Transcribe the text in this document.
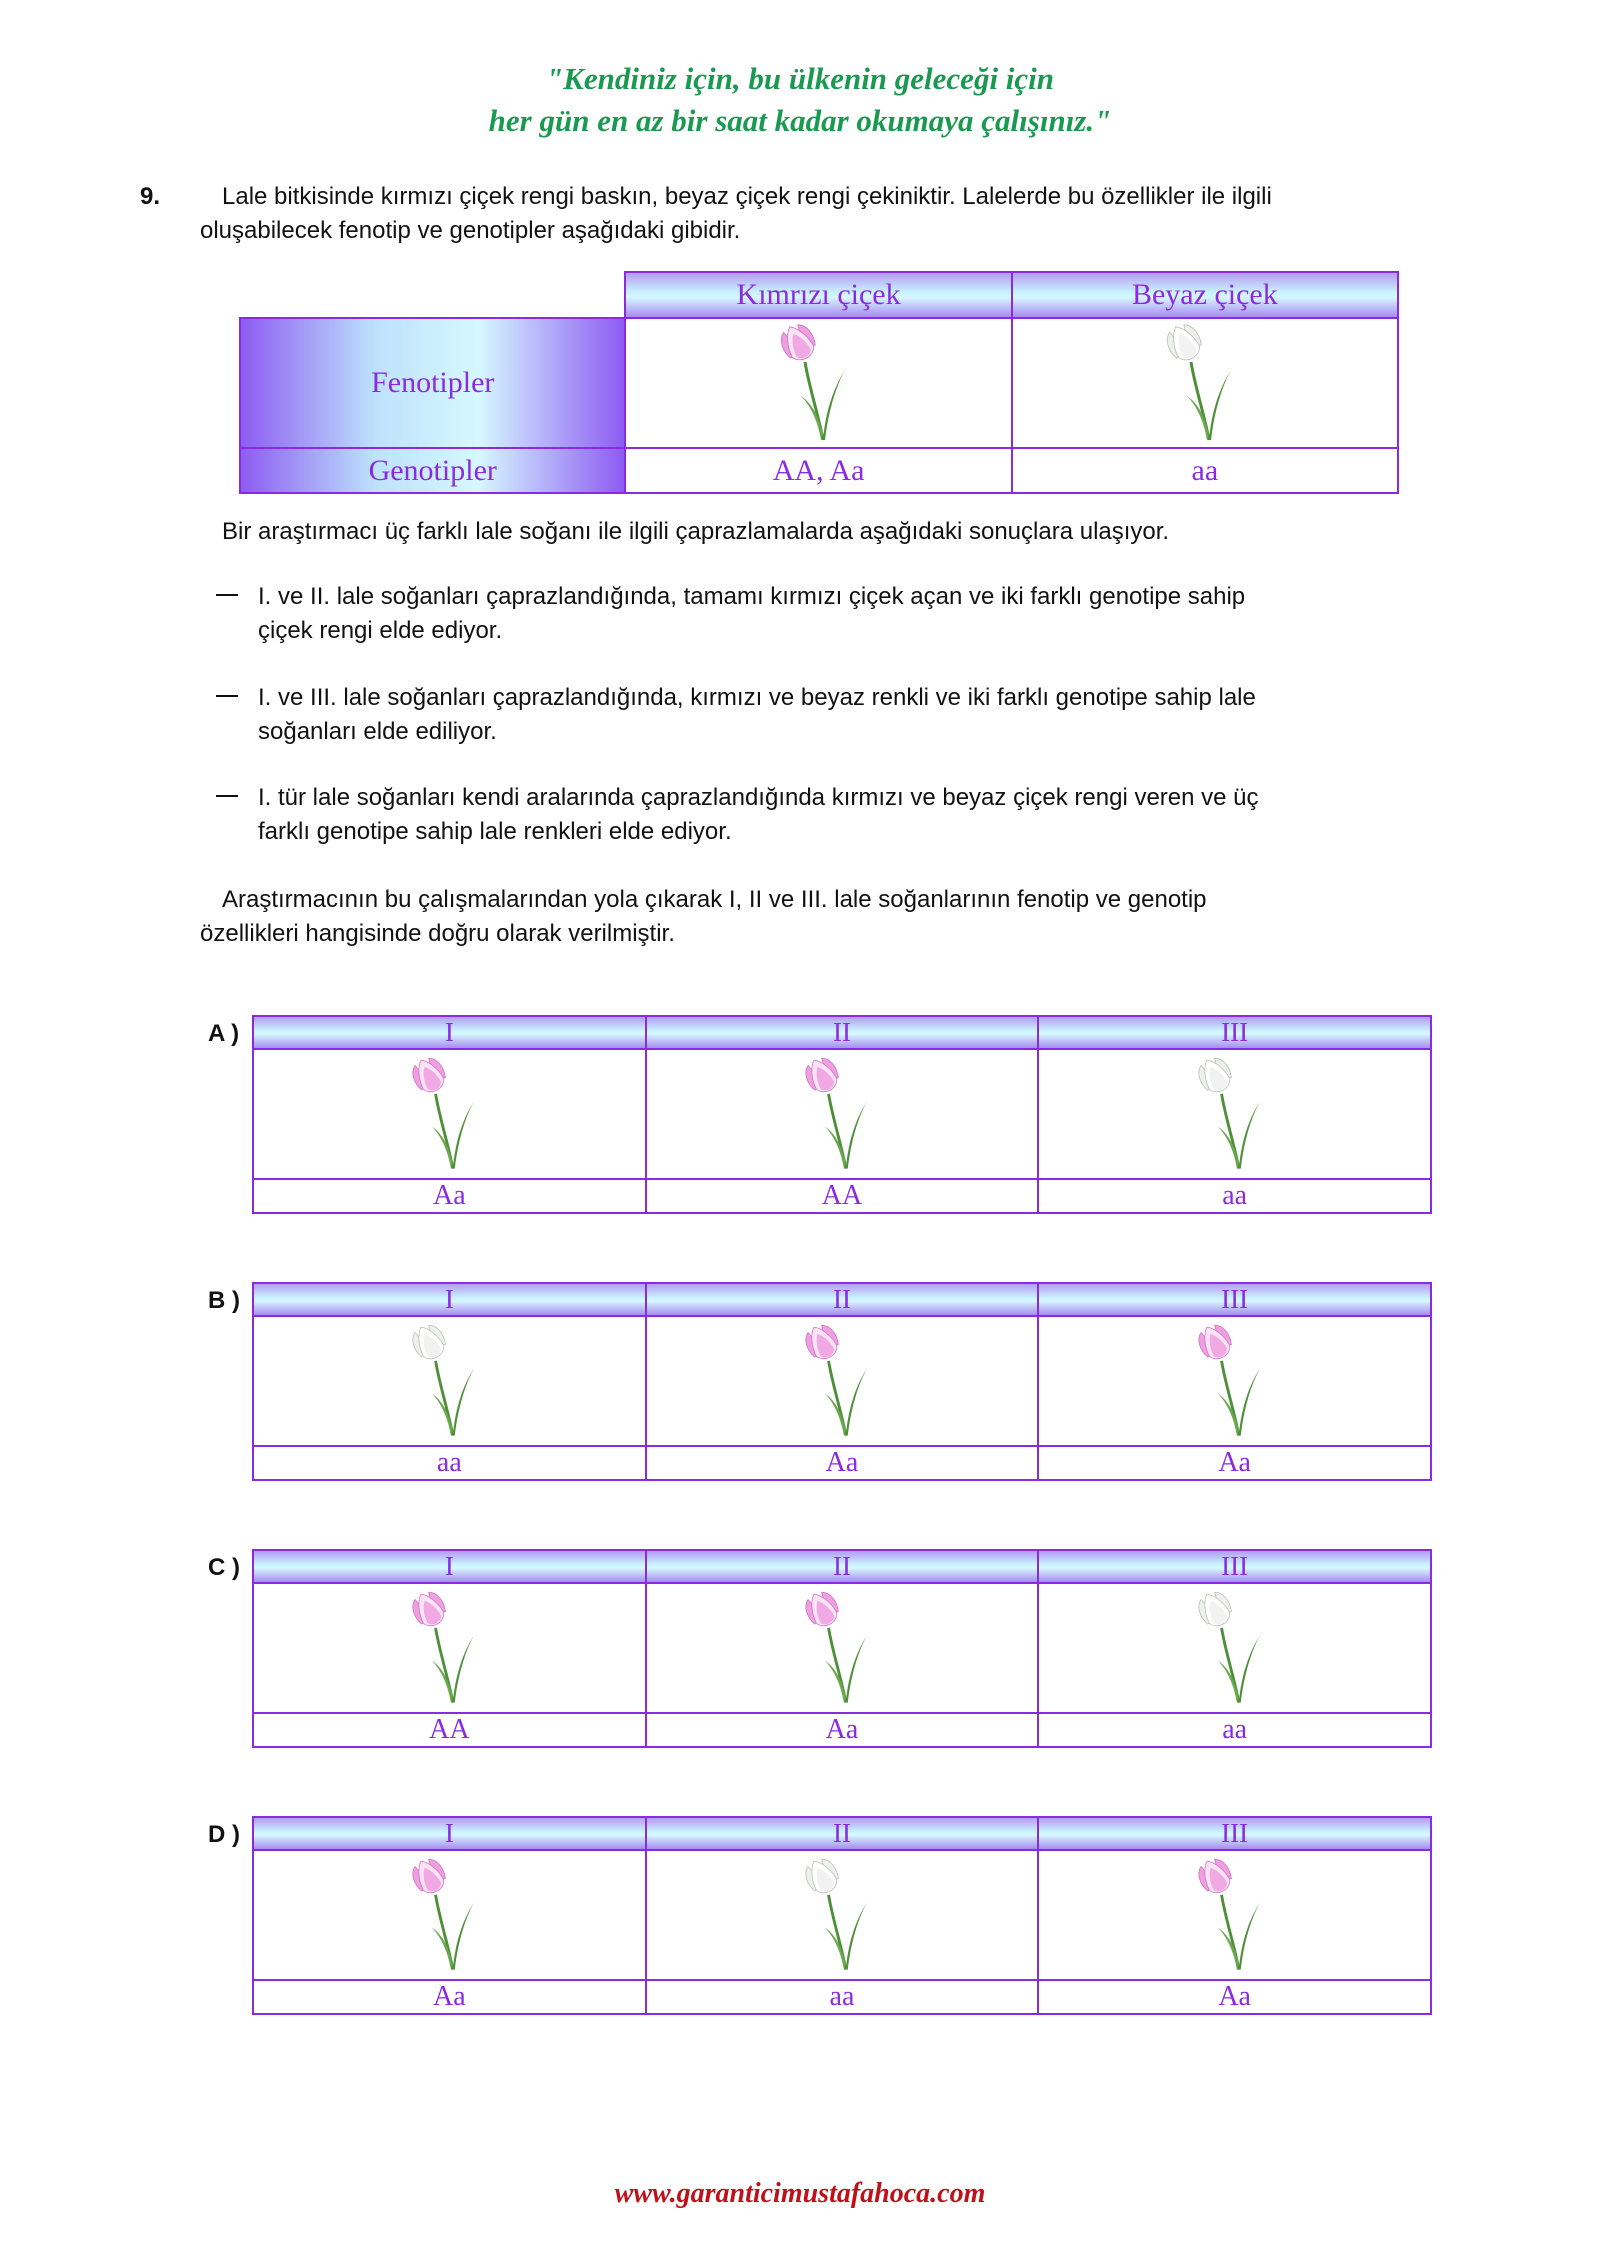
"Kendiniz için, bu ülkenin geleceği için
her gün en az bir saat kadar okumaya çalışınız."
9.	Lale bitkisinde kırmızı çiçek rengi baskın, beyaz çiçek rengi çekiniktir. Lalelerde bu özellikler ile ilgili
oluşabilecek fenotip ve genotipler aşağıdaki gibidir.
	Kımrızı çiçek	Beyaz çiçek
Fenotipler	

Genotipler	AA, Aa	aa
Bir araştırmacı üç farklı lale soğanı ile ilgili çaprazlamalarda aşağıdaki sonuçlara ulaşıyor.
I. ve II. lale soğanları çaprazlandığında, tamamı kırmızı çiçek açan ve iki farklı genotipe sahip
çiçek rengi elde ediyor.
I. ve III. lale soğanları çaprazlandığında, kırmızı ve beyaz renkli ve iki farklı genotipe sahip lale
soğanları elde ediliyor.
I. tür lale soğanları kendi aralarında çaprazlandığında kırmızı ve beyaz çiçek rengi veren ve üç
farklı genotipe sahip lale renkleri elde ediyor.
Araştırmacının bu çalışmalarından yola çıkarak I, II ve III. lale soğanlarının fenotip ve genotip
özellikleri hangisinde doğru olarak verilmiştir.
A )	I	II	III

Aa	AA	aa
B )	I	II	III

aa	Aa	Aa
C )	I	II	III

AA	Aa	aa
D )	I	II	III

Aa	aa	Aa
www.garanticimustafahoca.com
